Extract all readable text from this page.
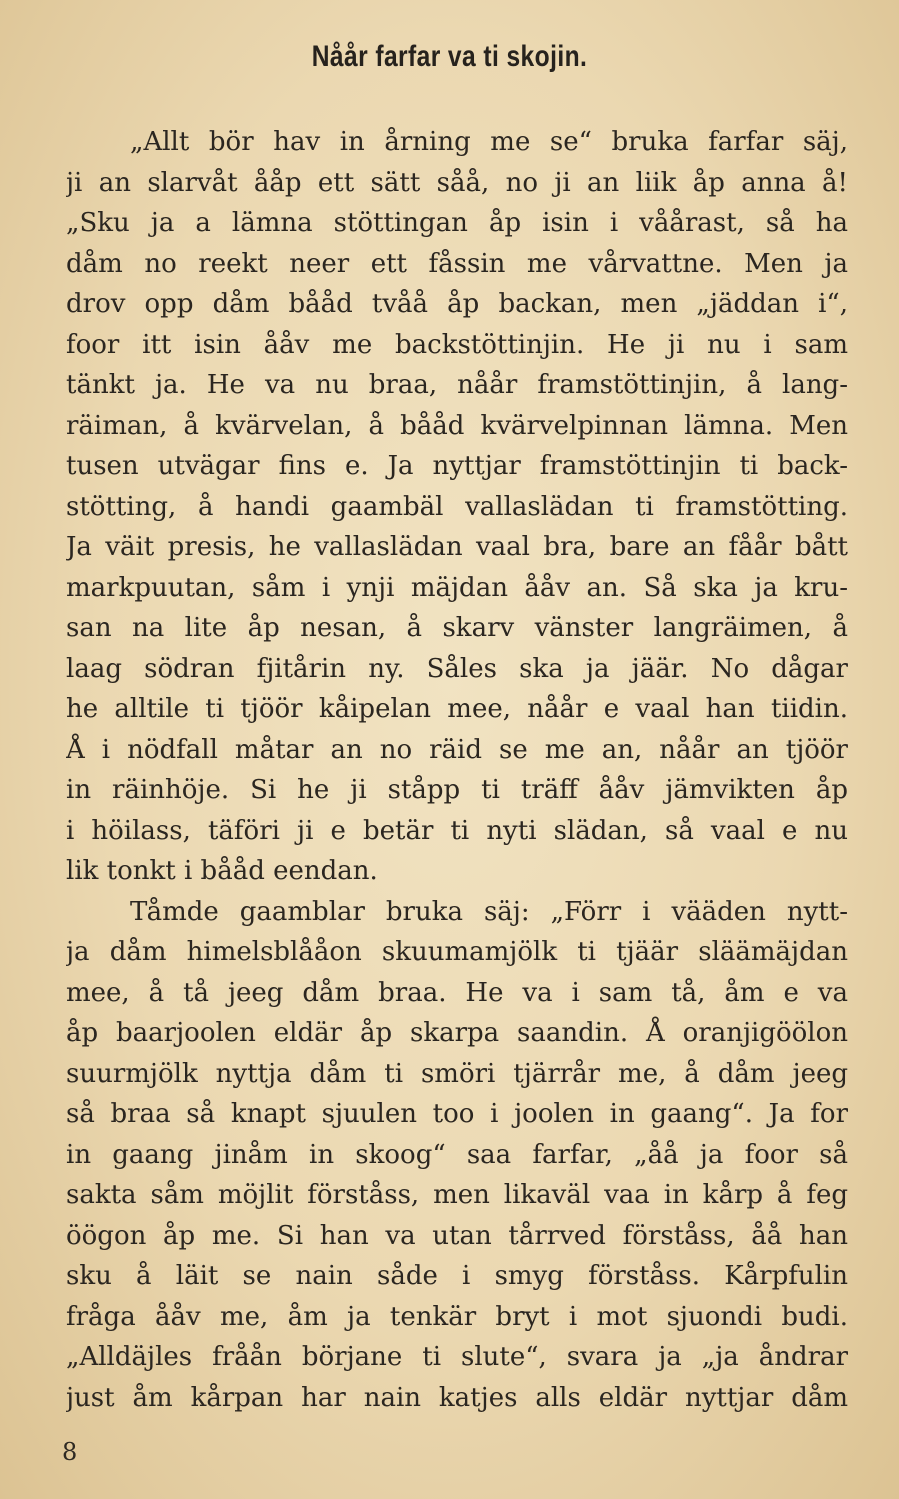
Nåår farfar va ti skojin.
„Allt bör hav in årning me se“ bruka farfar säj,
ji an slarvåt ååp ett sätt såå, no ji an liik åp anna å!
„Sku ja a lämna stöttingan åp isin i våårast, så ha
dåm no reekt neer ett fåssin me vårvattne. Men ja
drov opp dåm bååd tvåå åp backan, men „jäddan i“,
foor itt isin ååv me backstöttinjin. He ji nu i sam
tänkt ja. He va nu braa, nåår framstöttinjin, å lang-
räiman, å kvärvelan, å bååd kvärvelpinnan lämna. Men
tusen utvägar fins e. Ja nyttjar framstöttinjin ti back-
stötting, å handi gaambäl vallaslädan ti framstötting.
Ja väit presis, he vallaslädan vaal bra, bare an fåår bått
markpuutan, såm i ynji mäjdan ååv an. Så ska ja kru-
san na lite åp nesan, å skarv vänster langräimen, å
laag södran fjitårin ny. Såles ska ja jäär. No dågar
he alltile ti tjöör kåipelan mee, nåår e vaal han tiidin.
Å i nödfall måtar an no räid se me an, nåår an tjöör
in räinhöje. Si he ji ståpp ti träff ååv jämvikten åp
i höilass, täföri ji e betär ti nyti slädan, så vaal e nu
lik tonkt i bååd eendan.
Tåmde gaamblar bruka säj: „Förr i vääden nytt-
ja dåm himelsblååon skuumamjölk ti tjäär släämäjdan
mee, å tå jeeg dåm braa. He va i sam tå, åm e va
åp baarjoolen eldär åp skarpa saandin. Å oranjigöölon
suurmjölk nyttja dåm ti smöri tjärrår me, å dåm jeeg
så braa så knapt sjuulen too i joolen in gaang“. Ja for
in gaang jinåm in skoog“ saa farfar, „åå ja foor så
sakta såm möjlit förståss, men likaväl vaa in kårp å feg
öögon åp me. Si han va utan tårrved förståss, åå han
sku å läit se nain såde i smyg förståss. Kårpfulin
fråga ååv me, åm ja tenkär bryt i mot sjuondi budi.
„Alldäjles fråån börjane ti slute“, svara ja „ja åndrar
just åm kårpan har nain katjes alls eldär nyttjar dåm
8
